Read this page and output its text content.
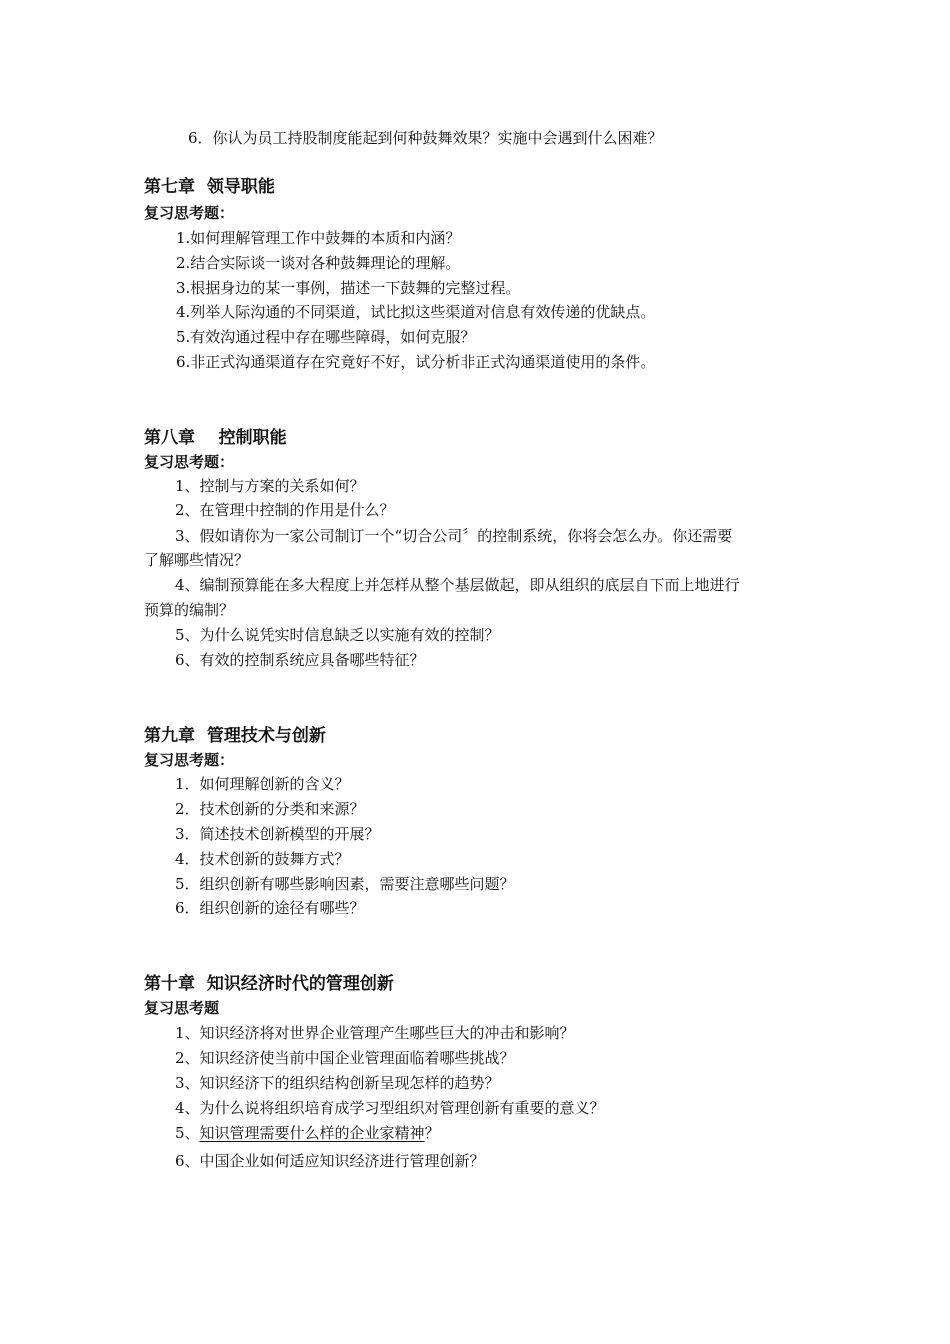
6．你认为员工持股制度能起到何种鼓舞效果？实施中会遇到什么困难？
第七章  领导职能
复习思考题：
1.如何理解管理工作中鼓舞的本质和内涵？
2.结合实际谈一谈对各种鼓舞理论的理解。
3.根据身边的某一事例，描述一下鼓舞的完整过程。
4.列举人际沟通的不同渠道，试比拟这些渠道对信息有效传递的优缺点。
5.有效沟通过程中存在哪些障碍，如何克服？
6.非正式沟通渠道存在究竟好不好，试分析非正式沟通渠道使用的条件。
第八章    控制职能
复习思考题：
1、控制与方案的关系如何？
2、在管理中控制的作用是什么？
3、假如请你为一家公司制订一个“切合公司〞的控制系统，你将会怎么办。你还需要
了解哪些情况？
4、编制预算能在多大程度上并怎样从整个基层做起，即从组织的底层自下而上地进行
预算的编制？
5、为什么说凭实时信息缺乏以实施有效的控制？
6、有效的控制系统应具备哪些特征？
第九章  管理技术与创新
复习思考题：
1．如何理解创新的含义？
2．技术创新的分类和来源？
3．简述技术创新模型的开展？
4．技术创新的鼓舞方式？
5．组织创新有哪些影响因素，需要注意哪些问题？
6．组织创新的途径有哪些？
第十章  知识经济时代的管理创新
复习思考题
1、知识经济将对世界企业管理产生哪些巨大的冲击和影响？
2、知识经济使当前中国企业管理面临着哪些挑战？
3、知识经济下的组织结构创新呈现怎样的趋势？
4、为什么说将组织培育成学习型组织对管理创新有重要的意义？
5、知识管理需要什么样的企业家精神？
6、中国企业如何适应知识经济进行管理创新？
